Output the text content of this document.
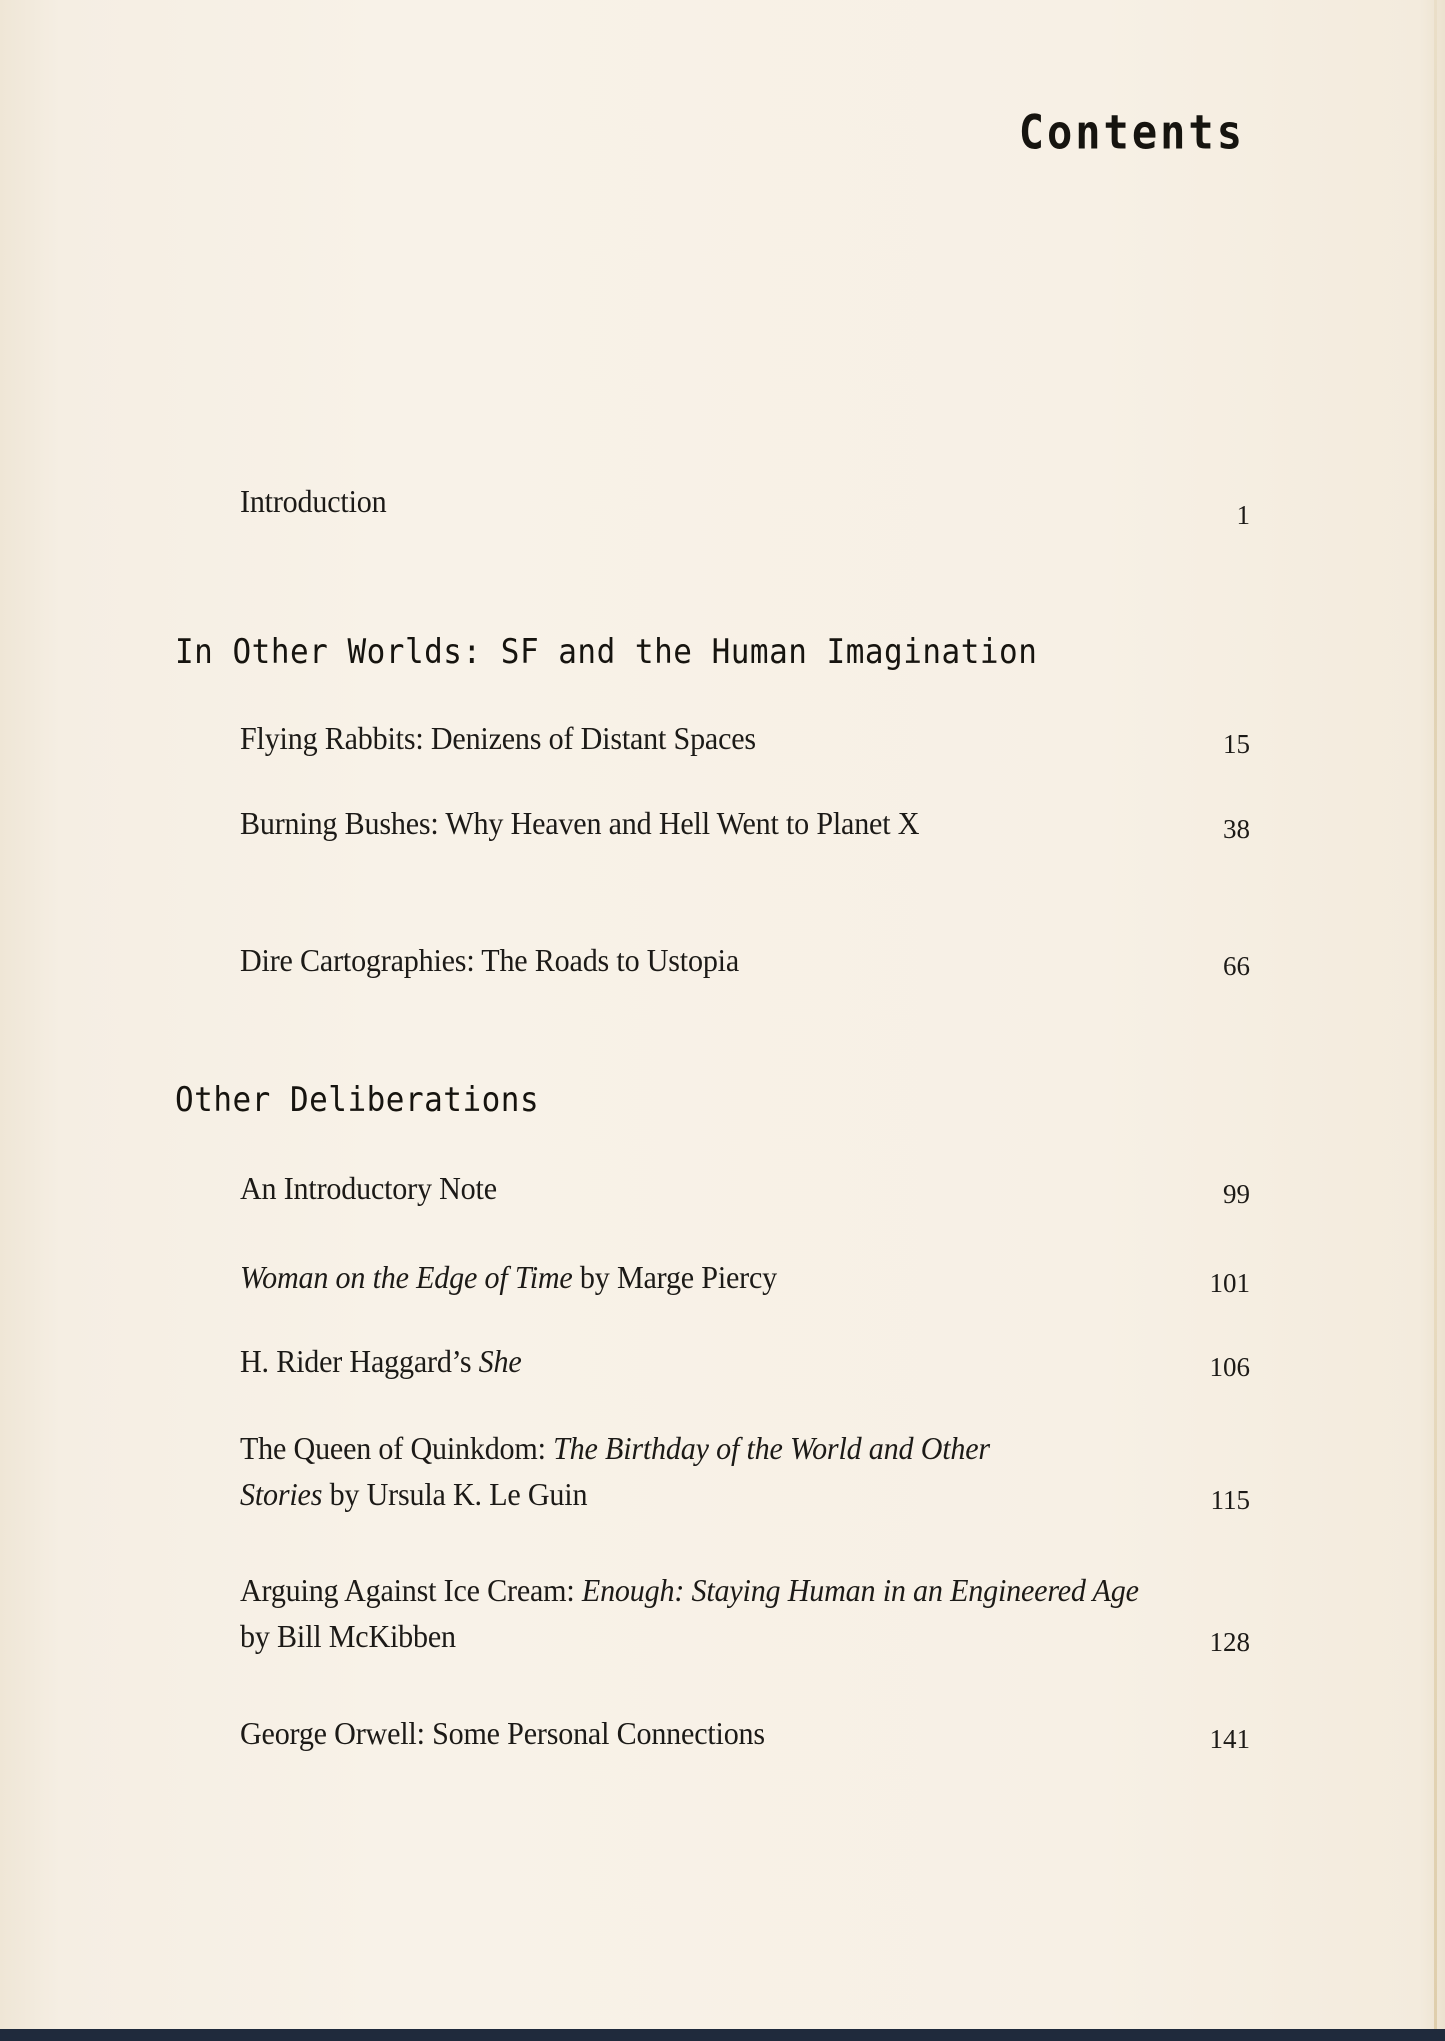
Contents
Introduction	1
In Other Worlds: SF and the Human Imagination
Flying Rabbits: Denizens of Distant Spaces	15
Burning Bushes: Why Heaven and Hell Went to Planet X	38
Dire Cartographies: The Roads to Ustopia	66
Other Deliberations
An Introductory Note	99
Woman on the Edge of Time by Marge Piercy	101
H. Rider Haggard’s She	106
The Queen of Quinkdom: The Birthday of the World and Other Stories by Ursula K. Le Guin	115
Arguing Against Ice Cream: Enough: Staying Human in an Engineered Age by Bill McKibben	128
George Orwell: Some Personal Connections	141
